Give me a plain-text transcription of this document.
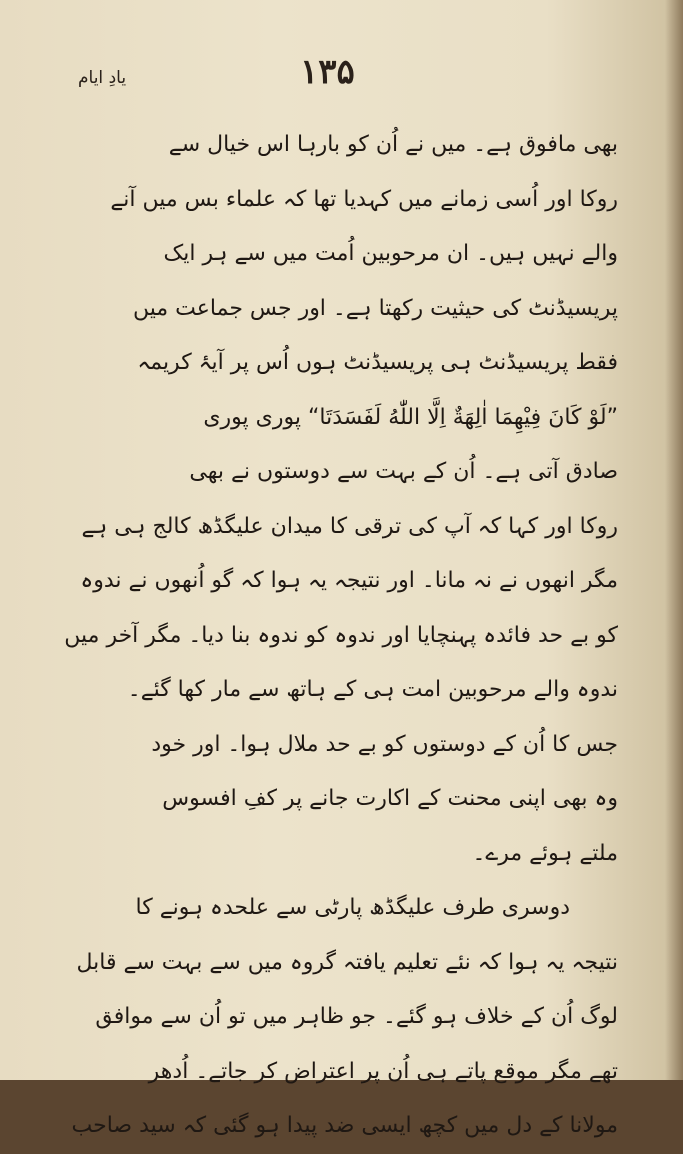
۱۳۵
یادِ ایام
بھی مافوق ہے۔ میں نے اُن کو بارہا اس خیال سے
روکا اور اُسی زمانے میں کہدیا تھا کہ علماء بس میں آنے
والے نہیں ہیں۔ ان مرحوبین اُمت میں سے ہر ایک
پریسیڈنٹ کی حیثیت رکھتا ہے۔ اور جس جماعت میں
فقط پریسیڈنٹ ہی پریسیڈنٹ ہوں اُس پر آیۂ کریمہ
”لَوْ کَانَ فِیْهِمَا اٰلِهَةٌ اِلَّا اللّٰهُ لَفَسَدَتَا“ پوری پوری
صادق آتی ہے۔ اُن کے بہت سے دوستوں نے بھی
روکا اور کہا کہ آپ کی ترقی کا میدان علیگڈھ کالج ہی ہے
مگر انھوں نے نہ مانا۔ اور نتیجہ یہ ہوا کہ گو اُنھوں نے ندوہ
کو بے حد فائدہ پہنچایا اور ندوہ کو ندوہ بنا دیا۔ مگر آخر میں
ندوہ والے مرحوبین امت ہی کے ہاتھ سے مار کھا گئے۔
جس کا اُن کے دوستوں کو بے حد ملال ہوا۔ اور خود
وہ بھی اپنی محنت کے اکارت جانے پر کفِ افسوس
ملتے ہوئے مرے۔
دوسری طرف علیگڈھ پارٹی سے علحدہ ہونے کا
نتیجہ یہ ہوا کہ نئے تعلیم یافتہ گروہ میں سے بہت سے قابل
لوگ اُن کے خلاف ہو گئے۔ جو ظاہر میں تو اُن سے موافق
تھے مگر موقع پاتے ہی اُن پر اعتراض کر جاتے۔ اُدھر
مولانا کے دل میں کچھ ایسی ضد پیدا ہو گئی کہ سید صاحب
